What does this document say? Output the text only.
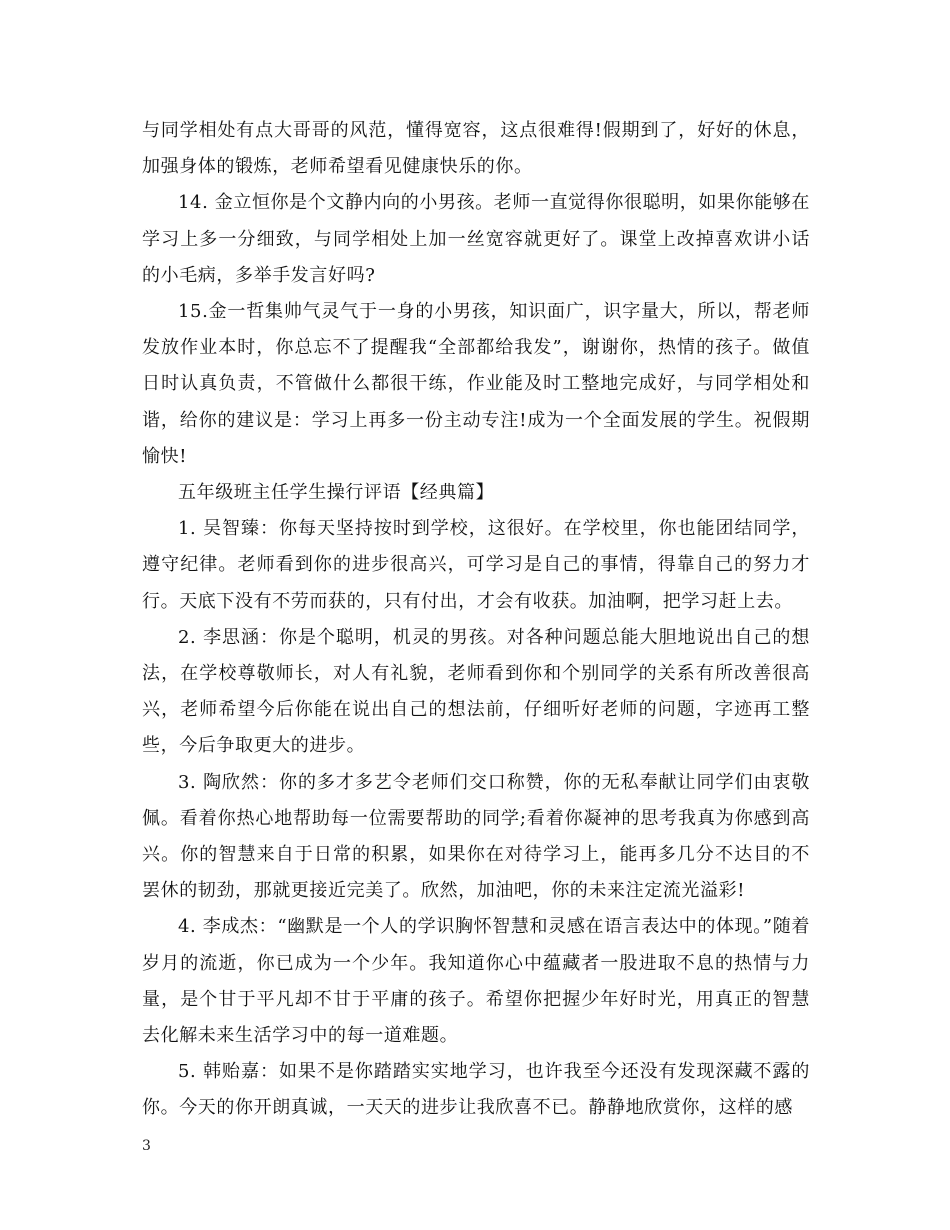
与同学相处有点大哥哥的风范，懂得宽容，这点很难得!假期到了，好好的休息，加强身体的锻炼，老师希望看见健康快乐的你。

14. 金立恒你是个文静内向的小男孩。老师一直觉得你很聪明，如果你能够在学习上多一分细致，与同学相处上加一丝宽容就更好了。课堂上改掉喜欢讲小话的小毛病，多举手发言好吗?

15.金一哲集帅气灵气于一身的小男孩，知识面广，识字量大，所以，帮老师发放作业本时，你总忘不了提醒我“全部都给我发”，谢谢你，热情的孩子。做值日时认真负责，不管做什么都很干练，作业能及时工整地完成好，与同学相处和谐，给你的建议是：学习上再多一份主动专注!成为一个全面发展的学生。祝假期愉快!

五年级班主任学生操行评语【经典篇】

1. 吴智臻：你每天坚持按时到学校，这很好。在学校里，你也能团结同学，遵守纪律。老师看到你的进步很高兴，可学习是自己的事情，得靠自己的努力才行。天底下没有不劳而获的，只有付出，才会有收获。加油啊，把学习赶上去。

2. 李思涵：你是个聪明，机灵的男孩。对各种问题总能大胆地说出自己的想法，在学校尊敬师长，对人有礼貌，老师看到你和个别同学的关系有所改善很高兴，老师希望今后你能在说出自己的想法前，仔细听好老师的问题，字迹再工整些，今后争取更大的进步。

3. 陶欣然：你的多才多艺令老师们交口称赞，你的无私奉献让同学们由衷敬佩。看着你热心地帮助每一位需要帮助的同学;看着你凝神的思考我真为你感到高兴。你的智慧来自于日常的积累，如果你在对待学习上，能再多几分不达目的不罢休的韧劲，那就更接近完美了。欣然，加油吧，你的未来注定流光溢彩!

4. 李成杰：“幽默是一个人的学识胸怀智慧和灵感在语言表达中的体现。”随着岁月的流逝，你已成为一个少年。我知道你心中蕴藏者一股进取不息的热情与力量，是个甘于平凡却不甘于平庸的孩子。希望你把握少年好时光，用真正的智慧去化解未来生活学习中的每一道难题。

5. 韩贻嘉：如果不是你踏踏实实地学习，也许我至今还没有发现深藏不露的你。今天的你开朗真诚，一天天的进步让我欣喜不已。静静地欣赏你，这样的感

3
